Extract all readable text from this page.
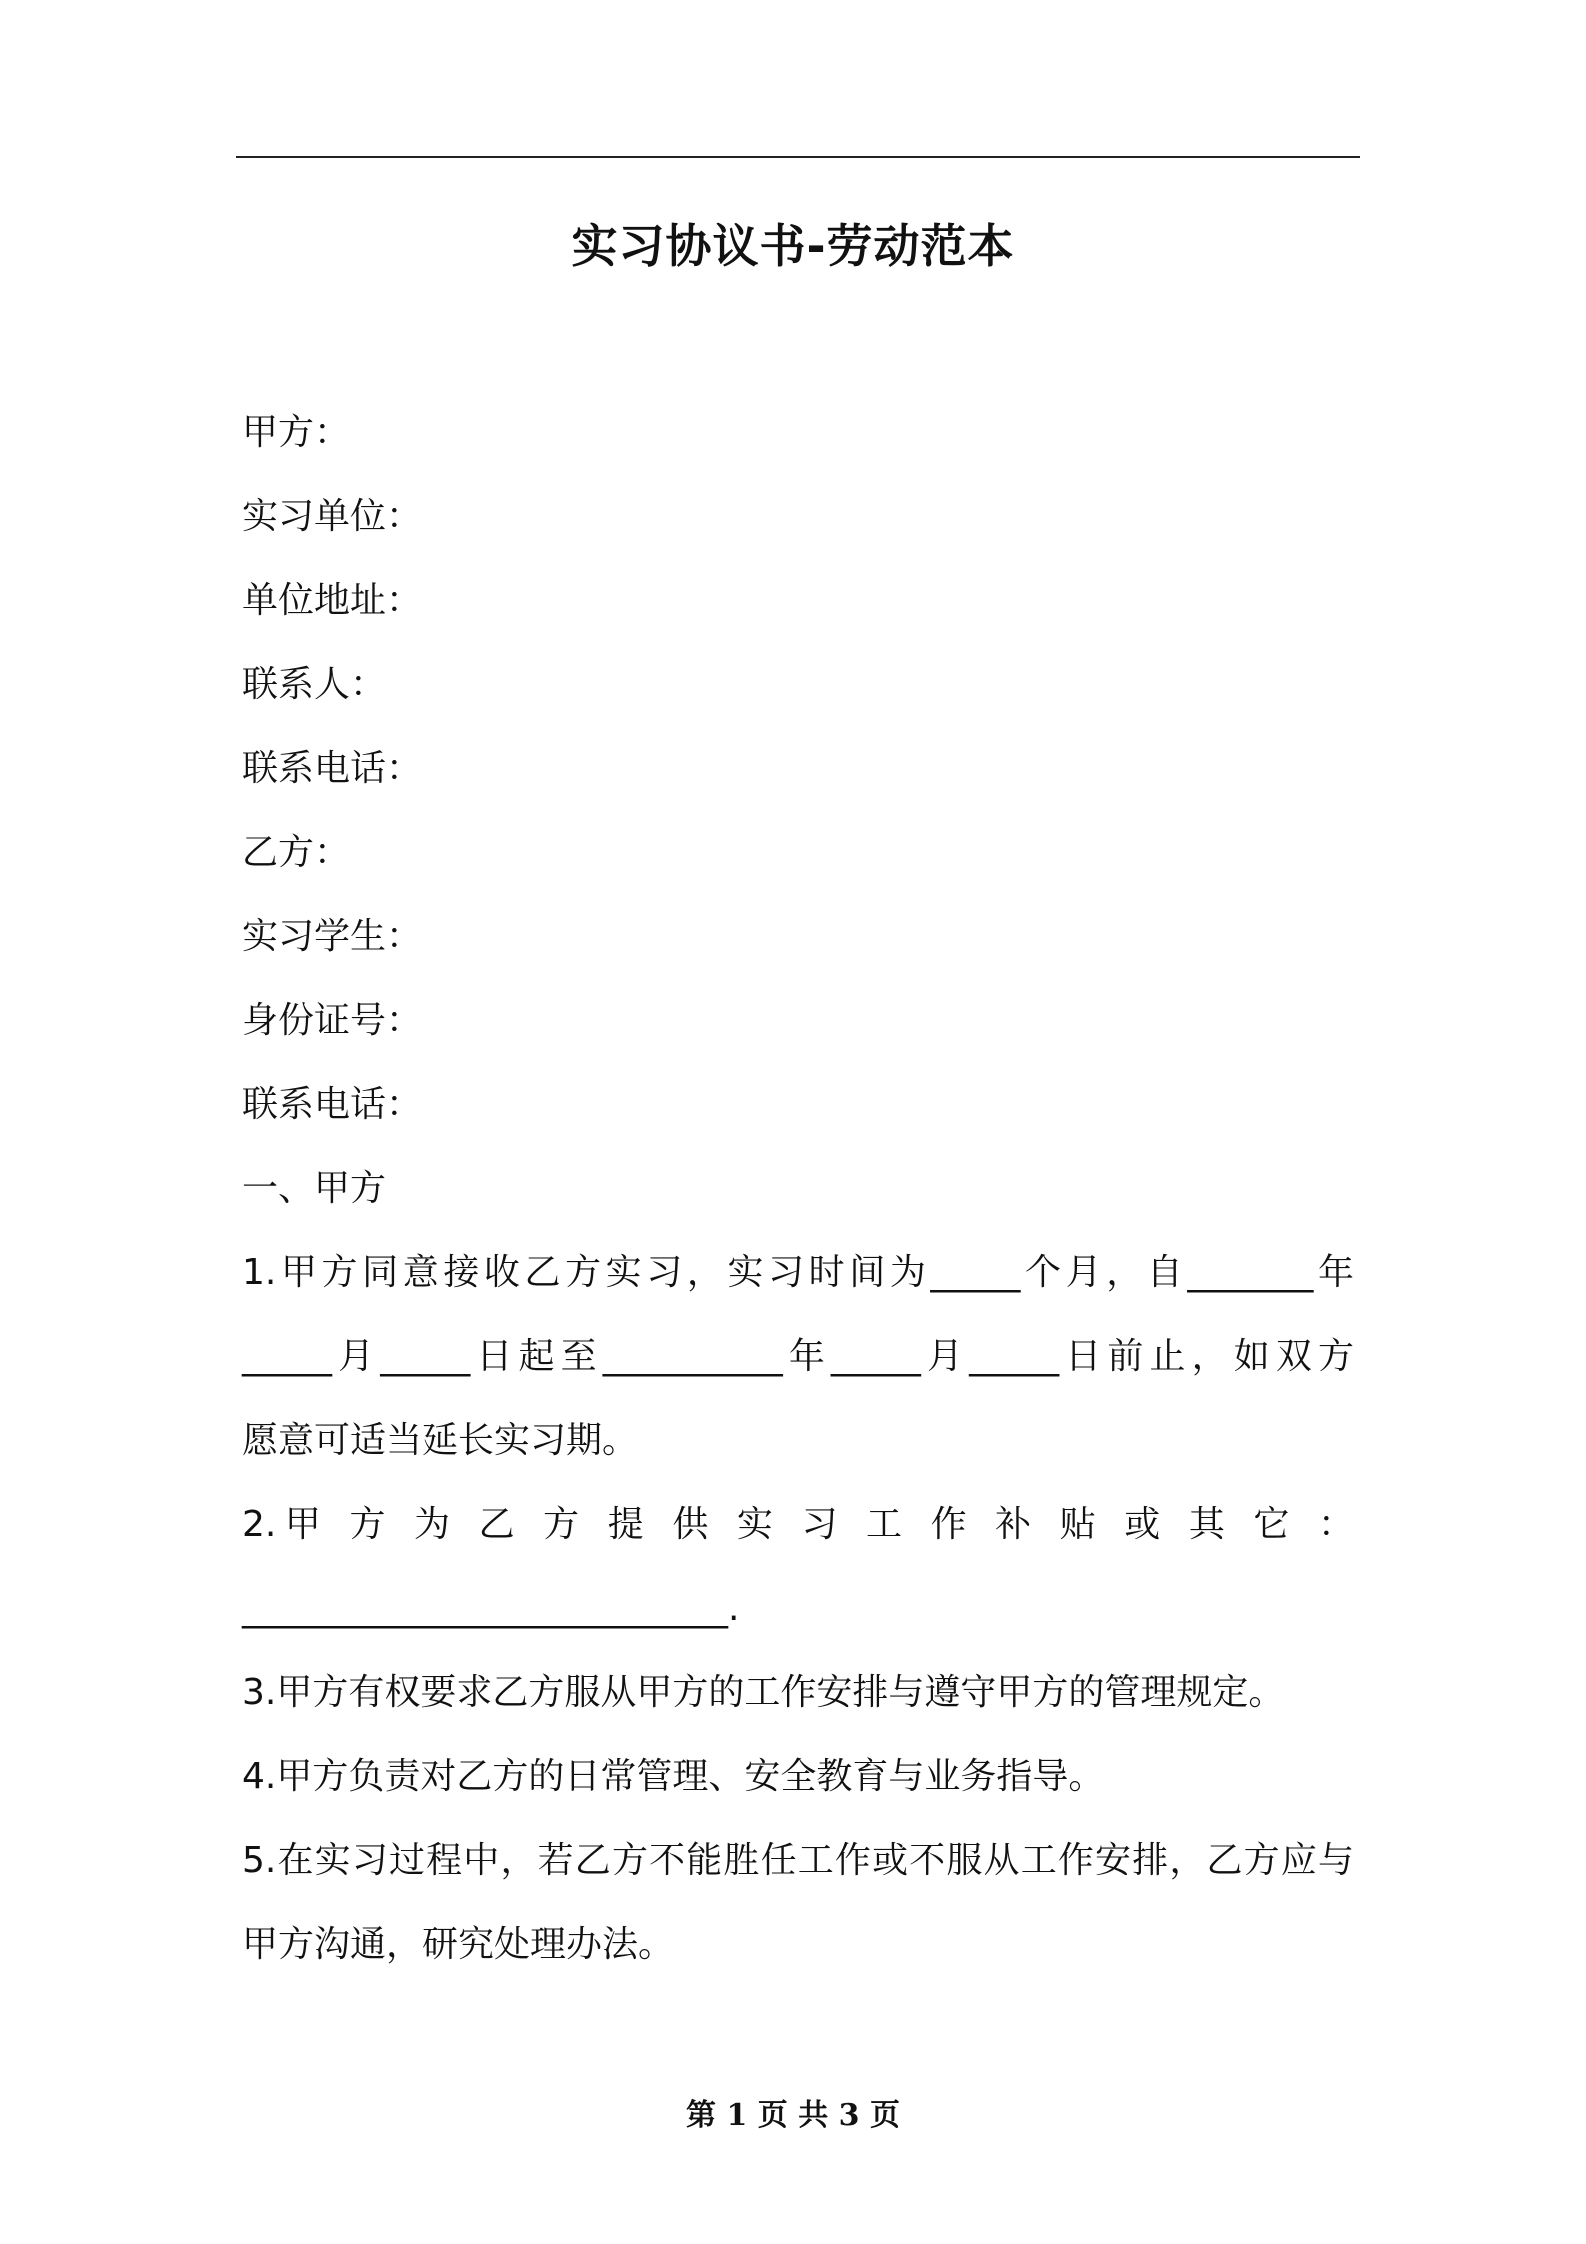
实习协议书-劳动范本
甲方：
实习单位：
单位地址：
联系人：
联系电话：
乙方：
实习学生：
身份证号：
联系电话：
一、甲方
1.甲方同意接收乙方实习，实习时间为_____个月，自_______年
_____月_____日起至__________年_____月_____日前止，如双方
愿意可适当延长实习期。
2.甲 方 为 乙 方 提 供 实 习 工 作 补 贴 或 其 它 ：
___________________________.
3.甲方有权要求乙方服从甲方的工作安排与遵守甲方的管理规定。
4.甲方负责对乙方的日常管理、安全教育与业务指导。
5.在实习过程中，若乙方不能胜任工作或不服从工作安排，乙方应与
甲方沟通，研究处理办法。
第 1 页 共 3 页
